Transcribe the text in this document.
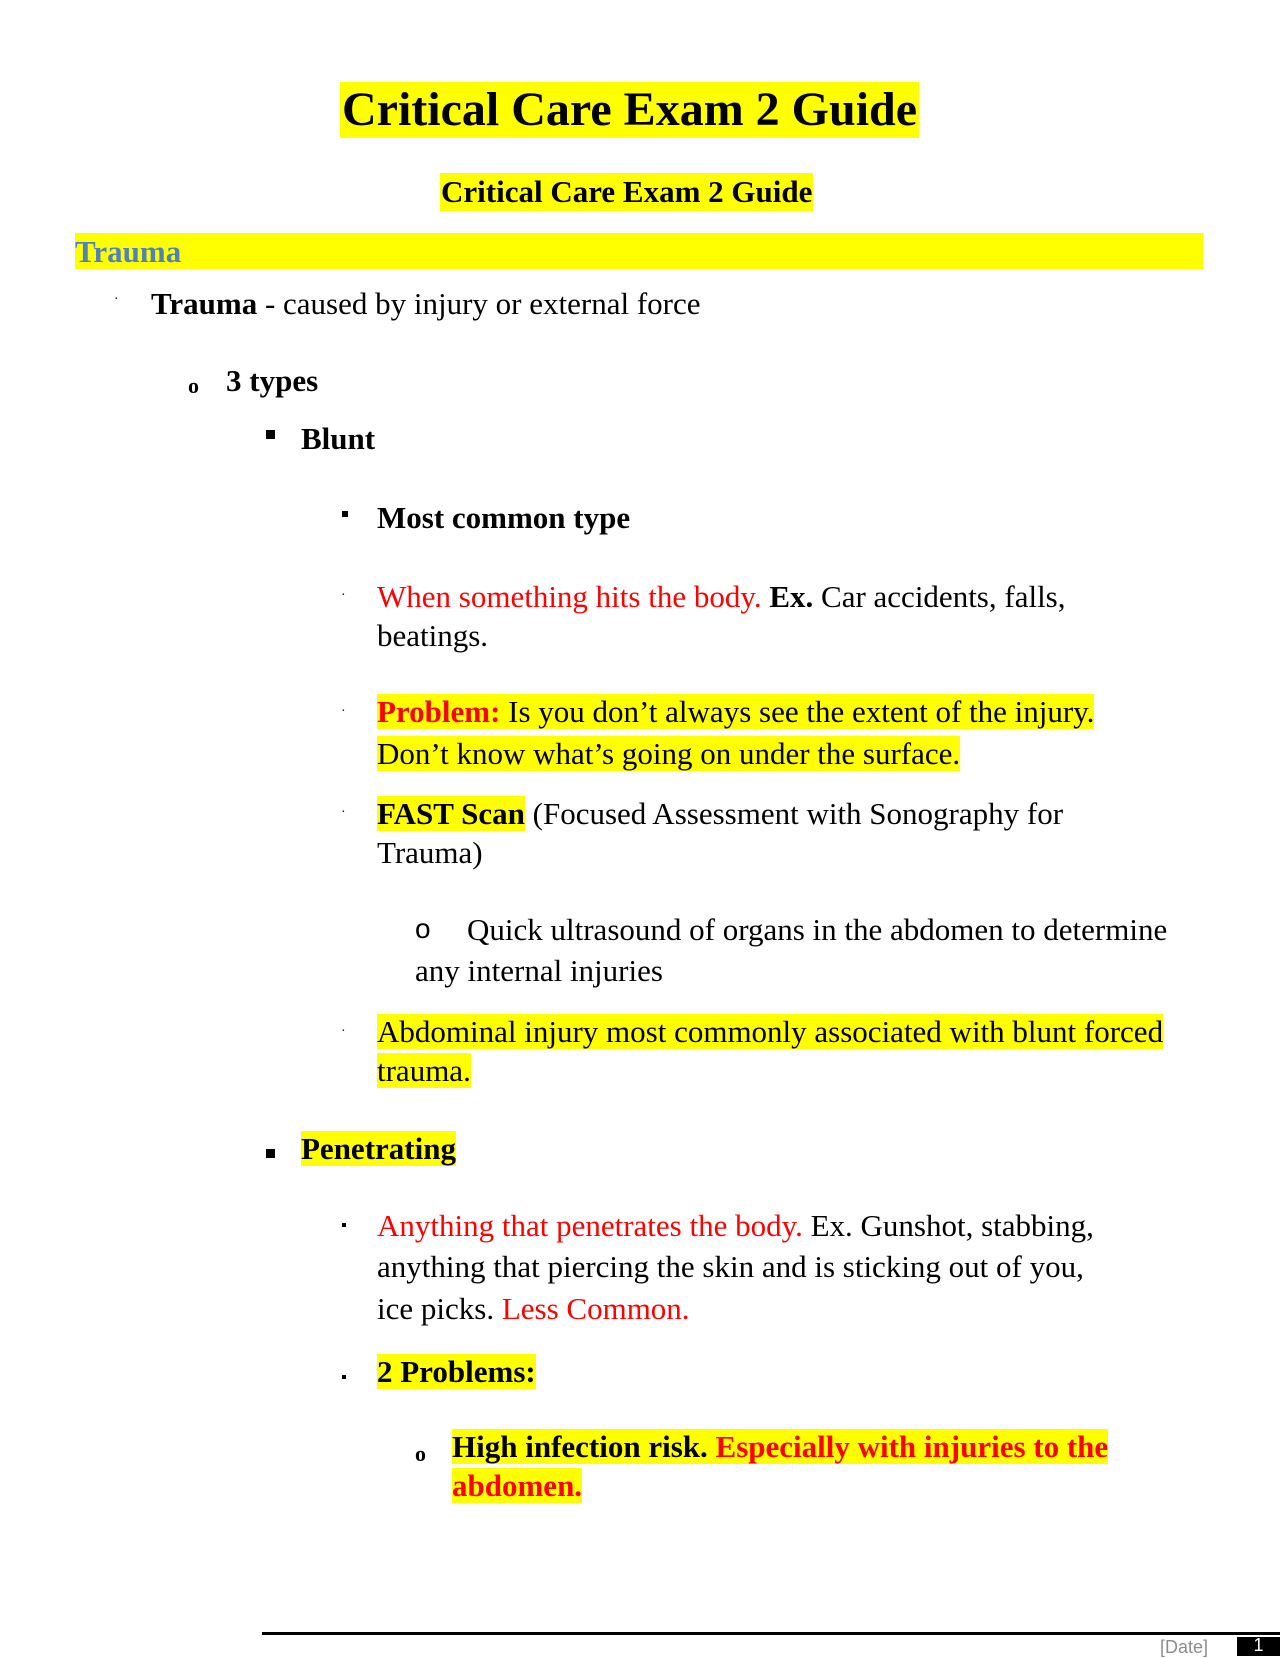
Critical Care Exam 2 Guide
Critical Care Exam 2 Guide
Trauma
· Trauma - caused by injury or external force
o 3 types
Blunt
Most common type
· When something hits the body. Ex. Car accidents, falls,
beatings.
· Problem: Is you don’t always see the extent of the injury.
Don’t know what’s going on under the surface.
· FAST Scan (Focused Assessment with Sonography for
Trauma)
o Quick ultrasound of organs in the abdomen to determine
any internal injuries
· Abdominal injury most commonly associated with blunt forced
trauma.
Penetrating
Anything that penetrates the body. Ex. Gunshot, stabbing,
anything that piercing the skin and is sticking out of you,
ice picks. Less Common.
2 Problems:
o High infection risk. Especially with injuries to the
abdomen.
[Date]	1
